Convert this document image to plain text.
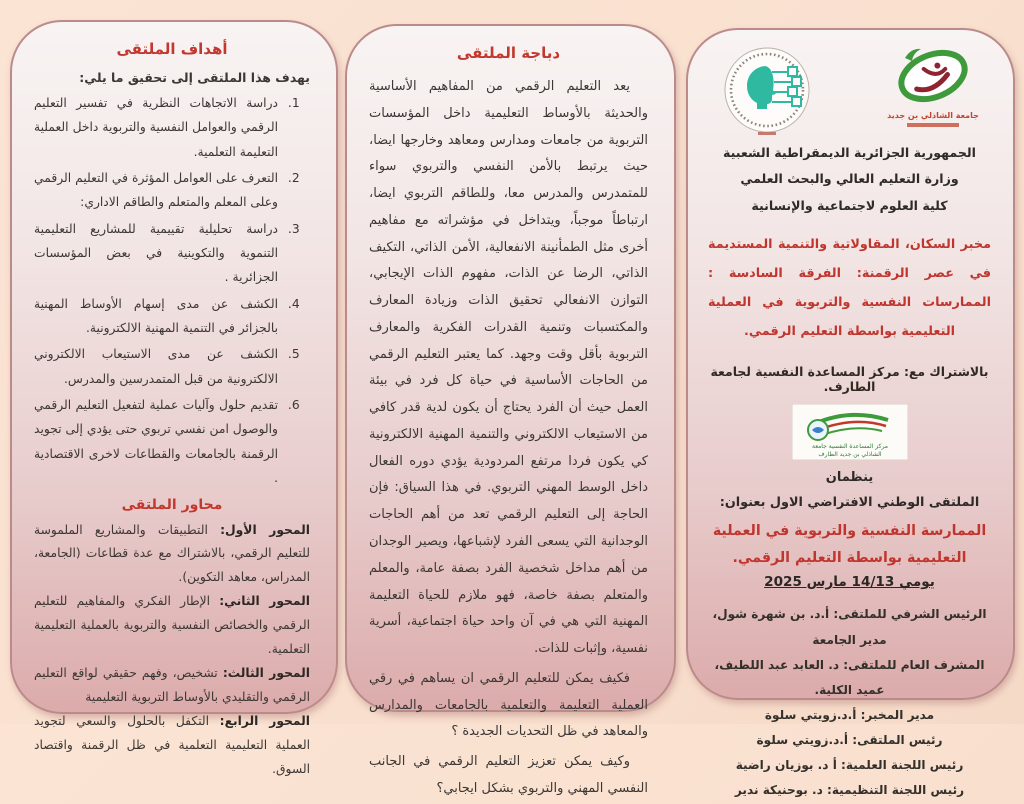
أهداف الملتقى

يهدف هذا الملتقى إلى تحقيق ما يلي:

1. دراسة الاتجاهات النظرية في تفسير التعليم الرقمي والعوامل النفسية والتربوية داخل العملية التعليمة التعلمية.
2. التعرف على العوامل المؤثرة في التعليم الرقمي وعلى المعلم والمتعلم والطاقم الاداري:
3. دراسة تحليلية تقييمية للمشاريع التعليمية التنموية والتكوينية في بعض المؤسسات الجزائرية .
4. الكشف عن مدى إسهام الأوساط المهنية بالجزائر في التنمية المهنية الالكترونية.
5. الكشف عن مدى الاستيعاب الالكتروني الالكترونية من قبل المتمدرسين والمدرس.
6. تقديم حلول وآليات عملية لتفعيل التعليم الرقمي والوصول امن نفسي تربوي حتى يؤدي إلى تجويد الرقمنة بالجامعات والقطاعات لاخرى الاقتصادية .
محاور الملتقى

المحور الأول: التطبيقات والمشاريع الملموسة للتعليم الرقمي، بالاشتراك مع عدة قطاعات (الجامعة، المدراس، معاهد التكوين).

المحور الثاني: الإطار الفكري والمفاهيم للتعليم الرقمي والخصائص النفسية والتربوية بالعملية التعليمية التعلمية.

المحور الثالث: تشخيص، وفهم حقيقي لواقع التعليم الرقمي والتقليدي بالأوساط التربوية التعليمية

المحور الرابع: التكفل بالحلول والسعي لتجويد العملية التعليمية التعلمية في ظل الرقمنة واقتصاد السوق.

دباجة الملتقى

يعد التعليم الرقمي من المفاهيم الأساسية والحديثة بالأوساط التعليمية داخل المؤسسات التربوية من جامعات ومدارس ومعاهد وخارجها ايضا، حيث يرتبط بالأمن النفسي والتربوي سواء للمتمدرس والمدرس معا، وللطاقم التربوي ايضا، ارتباطاً موجباً، ويتداخل في مؤشراته مع مفاهيم أخرى مثل الطمأنينة الانفعالية، الأمن الذاتي، التكيف الذاتي، الرضا عن الذات، مفهوم الذات الإيجابي، التوازن الانفعالي تحقيق الذات وزيادة المعارف والمكتسبات وتنمية القدرات الفكرية والمعارف التربوية بأقل وقت وجهد. كما يعتبر التعليم الرقمي من الحاجات الأساسية في حياة كل فرد في بيئة العمل حيث أن الفرد يحتاج أن يكون لدية قدر كافي من الاستيعاب الالكتروني والتنمية المهنية الالكترونية كي يكون فردا مرتفع المردودية يؤدي دوره الفعال داخل الوسط المهني التربوي. في هذا السياق: فإن الحاجة إلى التعليم الرقمي تعد من أهم الحاجات الوجدانية التي يسعى الفرد لإشباعها، ويصير الوجدان من أهم مداخل شخصية الفرد بصفة عامة، والمعلم والمتعلم بصفة خاصة، فهو ملازم للحياة التعليمة المهنية التي هي في آن واحد حياة اجتماعية، أسرية نفسية، وإثبات للذات.

فكيف يمكن للتعليم الرقمي ان يساهم في رقي العملية التعليمة والتعلمية بالجامعات والمدارس والمعاهد في ظل التحديات الجديدة ؟

وكيف يمكن تعزيز التعليم الرقمي في الجانب النفسي المهني والتربوي بشكل ايجابي؟

جامعة الشاذلي بن جديد

الجمهورية الجزائرية الديمقراطية الشعبية

وزارة التعليم العالي والبحث العلمي

كلية العلوم لاجتماعية والإنسانية

مخبر السكان، المقاولاتية والتنمية المستديمة في عصر الرقمنة: الفرقة السادسة : الممارسات النفسية والتربوية في العملية التعليمية بواسطة التعليم الرقمي.

بالاشتراك مع: مركز المساعدة النفسية لجامعة الطارف.

مركز المساعدة النفسية جامعة
الشاذلي بن جديد الطارف

ينظمان

الملتقى الوطني الافتراضي الاول بعنوان:

الممارسة النفسية والتربوية في العملية التعليمية بواسطة التعليم الرقمي.

يومي 14/13 مارس 2025

الرئيس الشرفي للملتقى: أ.د. بن شهرة شول، مدير الجامعة

المشرف العام للملتقى: د. العابد عبد اللطيف، عميد الكلية.

مدير المخبر: أ.د.زويتي سلوة

رئيس الملتقى: أ.د.زويتي سلوة

رئيس اللجنة العلمية: أ د. بوزيان راضية

رئيس اللجنة التنظيمية: د. بوحنيكة ندير
